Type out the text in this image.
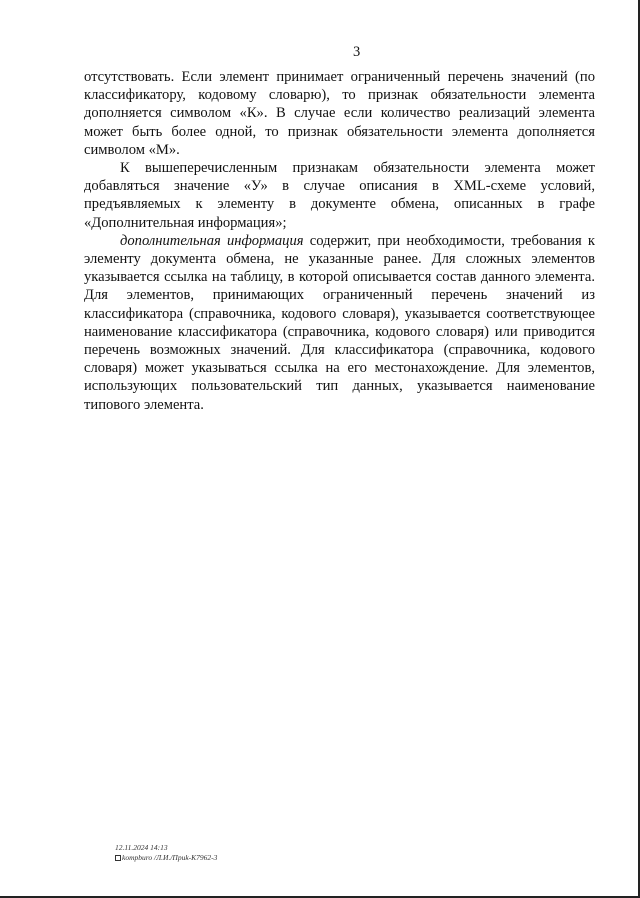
3

отсутствовать. Если элемент принимает ограниченный перечень значений (по классификатору, кодовому словарю), то признак обязательности элемента дополняется символом «К». В случае если количество реализаций элемента может быть более одной, то признак обязательности элемента дополняется символом «М».

К вышеперечисленным признакам обязательности элемента может добавляться значение «У» в случае описания в XML-схеме условий, предъявляемых к элементу в документе обмена, описанных в графе «Дополнительная информация»;

дополнительная информация содержит, при необходимости, требования к элементу документа обмена, не указанные ранее. Для сложных элементов указывается ссылка на таблицу, в которой описывается состав данного элемента. Для элементов, принимающих ограниченный перечень значений из классификатора (справочника, кодового словаря), указывается соответствующее наименование классификатора (справочника, кодового словаря) или приводится перечень возможных значений. Для классификатора (справочника, кодового словаря) может указываться ссылка на его местонахождение. Для элементов, использующих пользовательский тип данных, указывается наименование типового элемента.

12.11.2024 14:13
kompburo /Л.И./Приk-K7962-3
